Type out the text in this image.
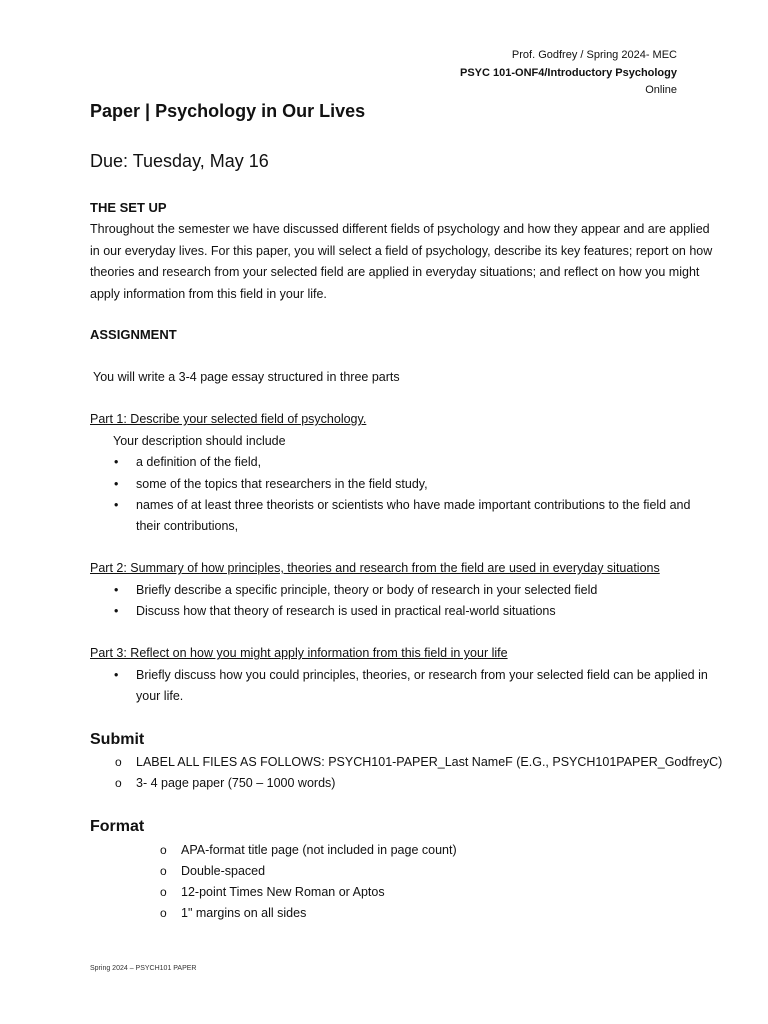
Prof. Godfrey / Spring 2024- MEC
PSYC 101-ONF4/Introductory Psychology
Online
Paper | Psychology in Our Lives
Due: Tuesday, May 16
THE SET UP
Throughout the semester we have discussed different fields of psychology and how they appear and are applied
in our everyday lives. For this paper, you will select a field of psychology, describe its key features; report on how
theories and research from your selected field are applied in everyday situations; and reflect on how you might
apply information from this field in your life.
ASSIGNMENT
You will write a 3-4 page essay structured in three parts
Part 1: Describe your selected field of psychology.
Your description should include
• a definition of the field,
• some of the topics that researchers in the field study,
• names of at least three theorists or scientists who have made important contributions to the field and
their contributions,
Part 2: Summary of how principles, theories and research from the field are used in everyday situations
• Briefly describe a specific principle, theory or body of research in your selected field
• Discuss how that theory of research is used in practical real-world situations
Part 3: Reflect on how you might apply information from this field in your life
• Briefly discuss how you could principles, theories, or research from your selected field can be applied in
your life.
Submit
o LABEL ALL FILES AS FOLLOWS: PSYCH101-PAPER_Last NameF (E.G., PSYCH101PAPER_GodfreyC)
o 3- 4 page paper (750 – 1000 words)
Format
o APA-format title page (not included in page count)
o Double-spaced
o 12-point Times New Roman or Aptos
o 1" margins on all sides
Spring 2024 – PSYCH101 PAPER
